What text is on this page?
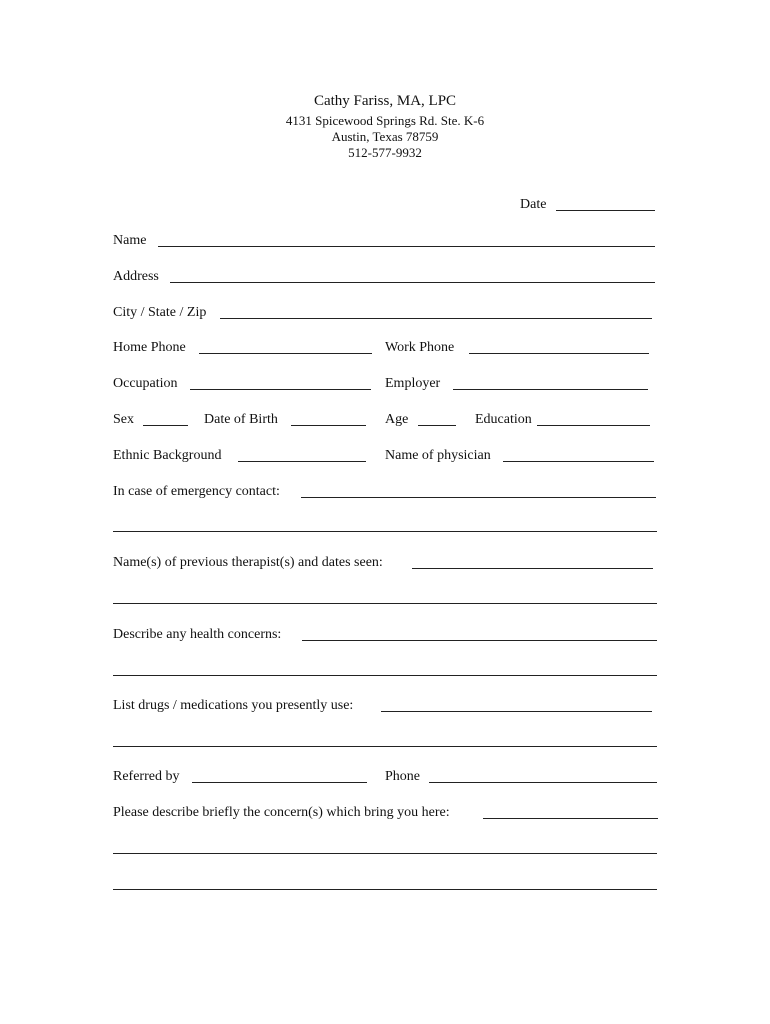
Cathy Fariss, MA, LPC
4131 Spicewood Springs Rd. Ste. K-6
Austin, Texas 78759
512-577-9932
Date
Name
Address
City / State / Zip
Home Phone	Work Phone
Occupation	Employer
Sex	Date of Birth	Age	Education
Ethnic Background	Name of physician
In case of emergency contact:
Name(s) of previous therapist(s) and dates seen:
Describe any health concerns:
List drugs / medications you presently use:
Referred by	Phone
Please describe briefly the concern(s) which bring you here:
